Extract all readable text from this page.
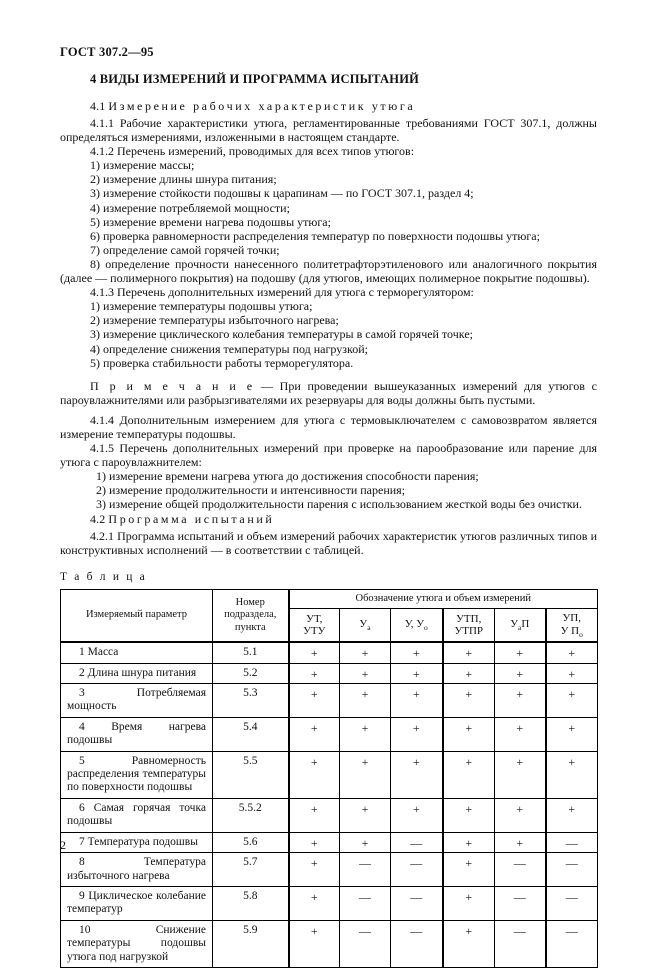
ГОСТ 307.2—95
4 ВИДЫ ИЗМЕРЕНИЙ И ПРОГРАММА ИСПЫТАНИЙ
4.1 Измерение рабочих характеристик утюга

4.1.1 Рабочие характеристики утюга, регламентированные требованиями ГОСТ 307.1, должны определяться измерениями, изложенными в настоящем стандарте.

4.1.2 Перечень измерений, проводимых для всех типов утюгов:

1) измерение массы;

2) измерение длины шнура питания;

3) измерение стойкости подошвы к царапинам — по ГОСТ 307.1, раздел 4;

4) измерение потребляемой мощности;

5) измерение времени нагрева подошвы утюга;

6) проверка равномерности распределения температур по поверхности подошвы утюга;

7) определение самой горячей точки;

8) определение прочности нанесенного политетрафторэтиленового или аналогичного покрытия (далее — полимерного покрытия) на подошву (для утюгов, имеющих полимерное покрытие подошвы).

4.1.3 Перечень дополнительных измерений для утюга с терморегулятором:

1) измерение температуры подошвы утюга;

2) измерение температуры избыточного нагрева;

3) измерение циклического колебания температуры в самой горячей точке;

4) определение снижения температуры под нагрузкой;

5) проверка стабильности работы терморегулятора.

П р и м е ч а н и е — При проведении вышеуказанных измерений для утюгов с пароувлажнителями или разбрызгивателями их резервуары для воды должны быть пустыми.

4.1.4 Дополнительным измерением для утюга с термовыключателем с самовозвратом является измерение температуры подошвы.

4.1.5 Перечень дополнительных измерений при проверке на парообразование или парение для утюга с пароувлажнителем:

1) измерение времени нагрева утюга до достижения способности парения;

2) измерение продолжительности и интенсивности парения;

3) измерение общей продолжительности парения с использованием жесткой воды без очистки.

4.2 Программа испытаний

4.2.1 Программа испытаний и объем измерений рабочих характеристик утюгов различных типов и конструктивных исполнений — в соответствии с таблицей.

Т а б л и ц а
Измеряемый параметр	Номер подраздела, пункта	Обозначение утюга и объем измерений					
		УТ,
УТУ	$У_а$	У, $У_о$	УТП,
УТПР	$У_аП$	УП,
У $П_о$
1 Масса	5.1	+	+	+	+	+	+
2 Длина шнура питания	5.2	+	+	+	+	+	+
3 Потребляемая мощность	5.3	+	+	+	+	+	+
4 Время нагрева подошвы	5.4	+	+	+	+	+	+
5 Равномерность распределения температуры по поверхности подошвы	5.5	+	+	+	+	+	+
6 Самая горячая точка подошвы	5.5.2	+	+	+	+	+	+
7 Температура подошвы	5.6	+	+	—	+	+	—
8 Температура избыточного нагрева	5.7	+	—	—	+	—	—
9 Циклическое колебание температур	5.8	+	—	—	+	—	—
10 Снижение температуры подошвы утюга под нагрузкой	5.9	+	—	—	+	—	—
2
